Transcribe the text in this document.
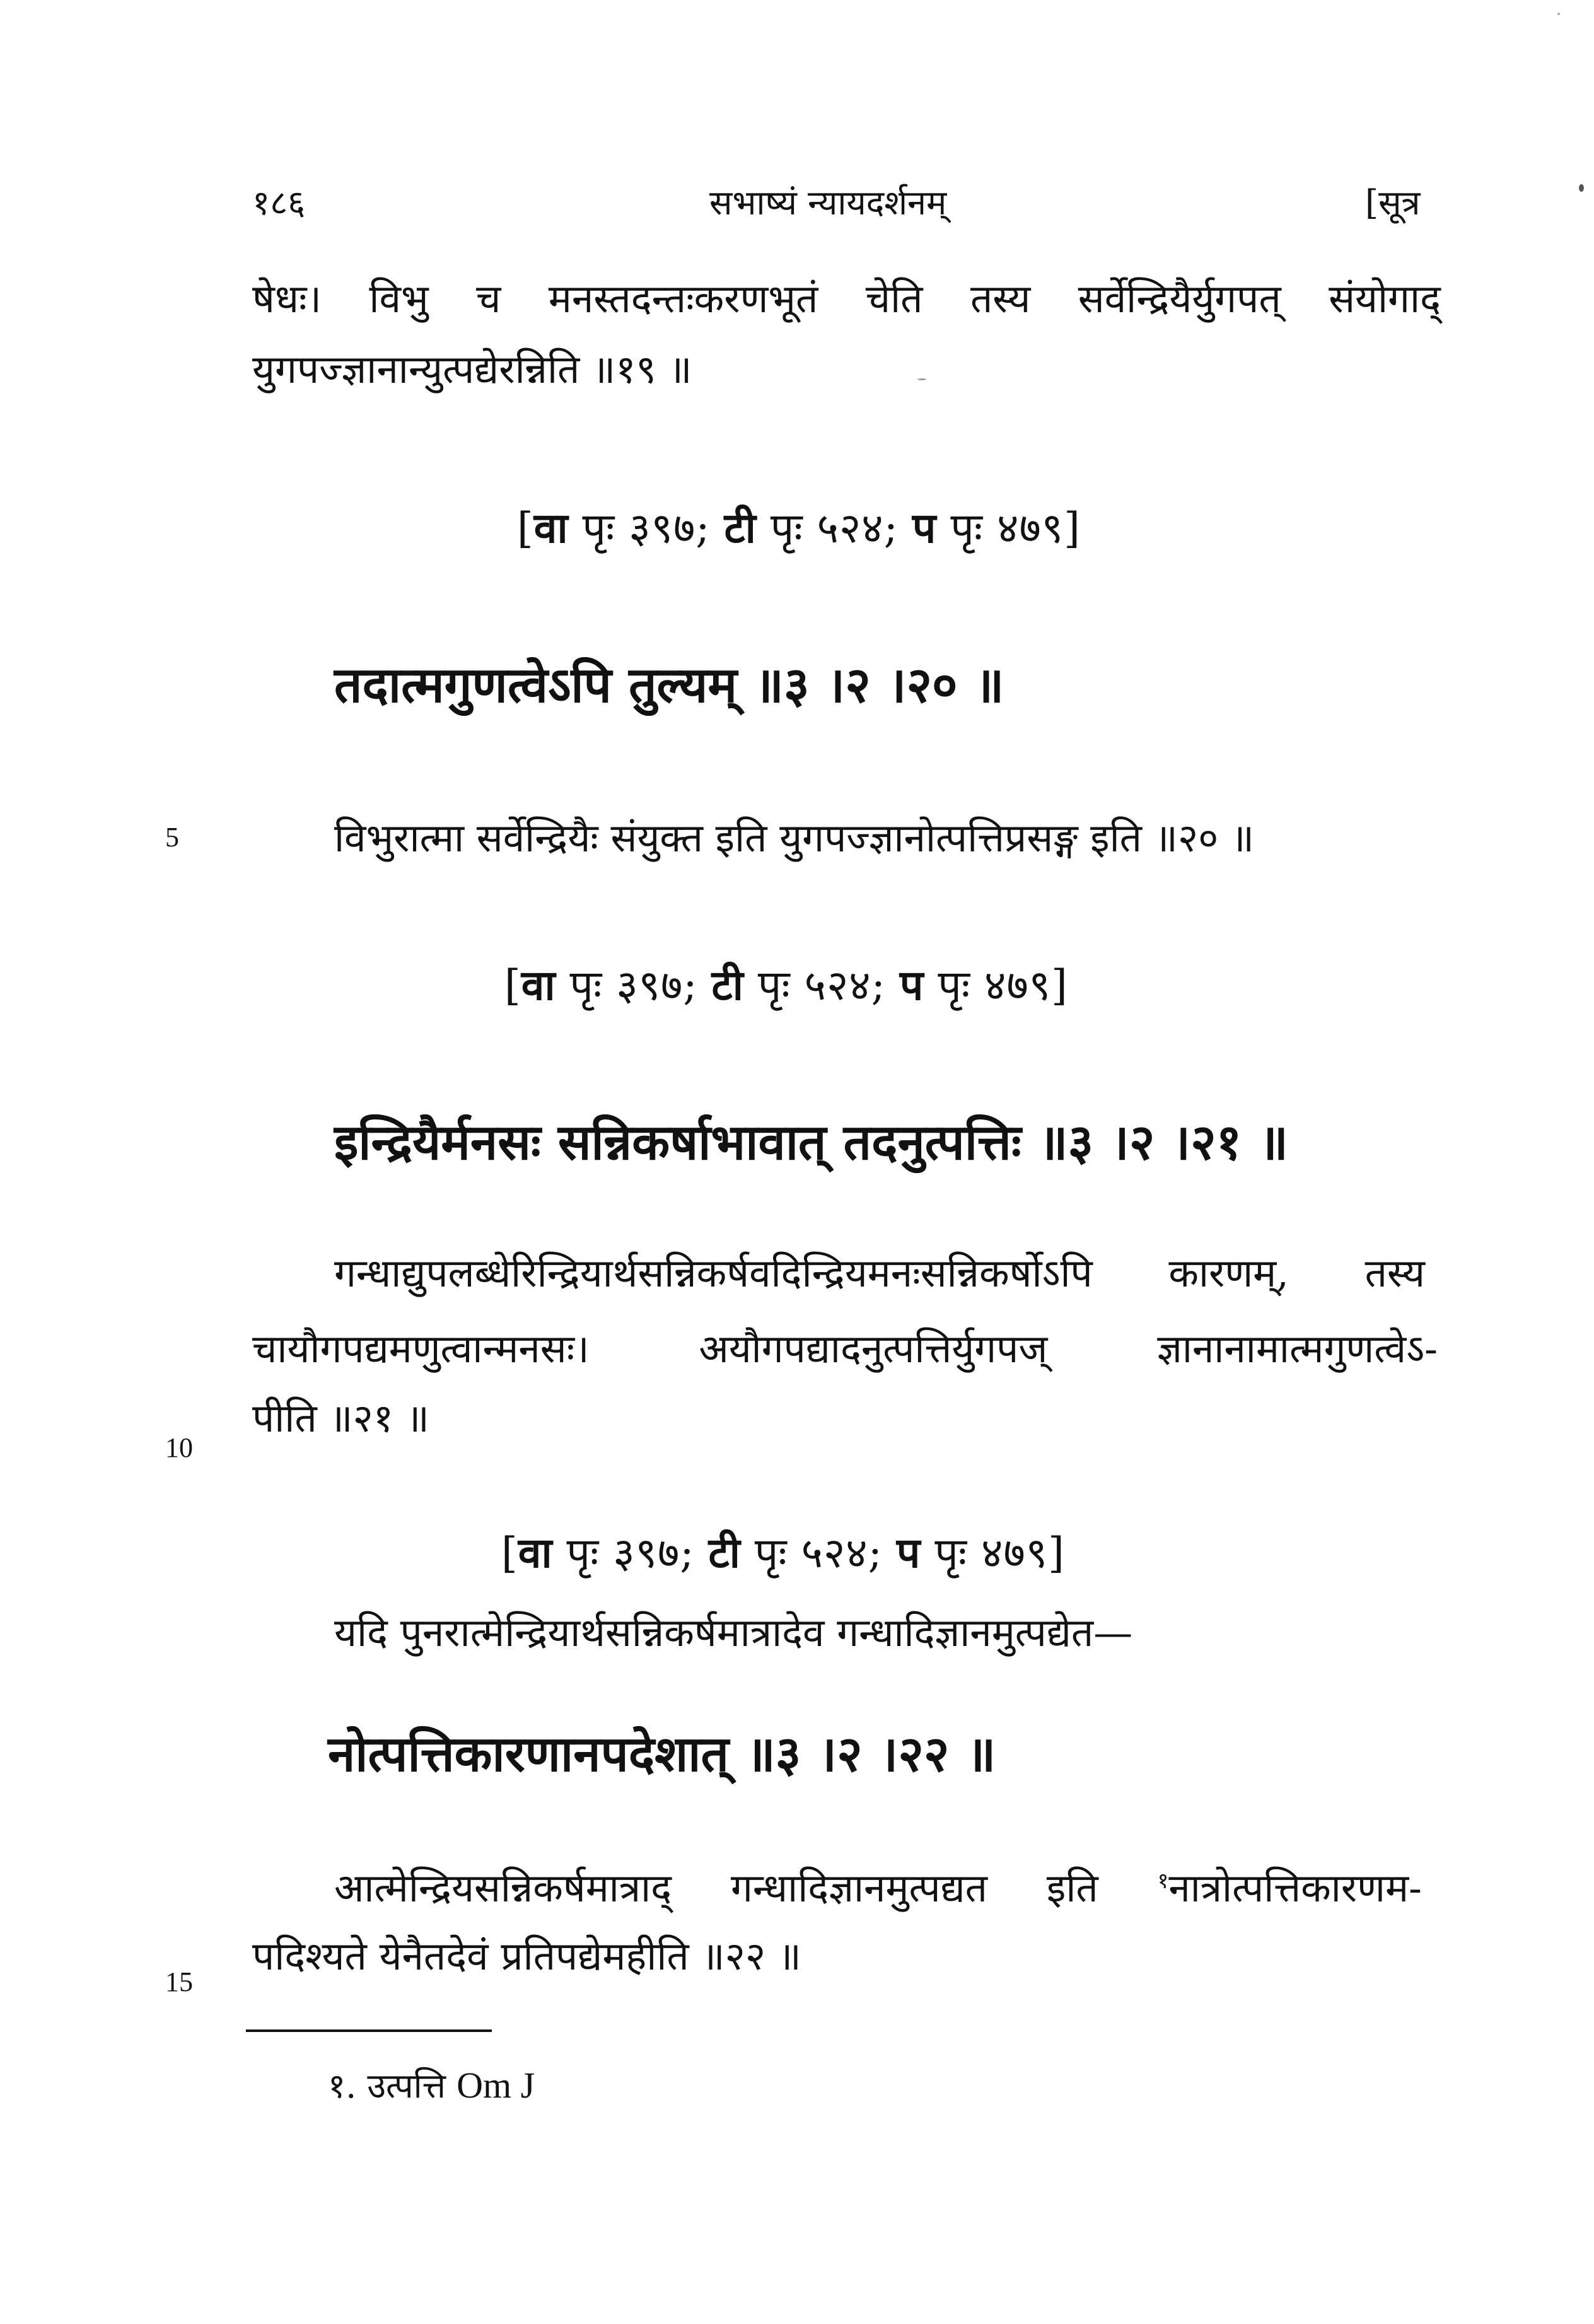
१८६	सभाष्यं न्यायदर्शनम्	[सूत्र
षेधः। विभु च मनस्तदन्तःकरणभूतं चेति तस्य सर्वेन्द्रियैर्युगपत् संयोगाद्
युगपज्ज्ञानान्युत्पद्येरन्निति ॥१९ ॥
[वा पृः ३९७; टी पृः ५२४; प पृः ४७९]
तदात्मगुणत्वेऽपि तुल्यम् ॥३ ।२ ।२० ॥
5	विभुरात्मा सर्वेन्द्रियैः संयुक्त इति युगपज्ज्ञानोत्पत्तिप्रसङ्ग इति ॥२० ॥
[वा पृः ३९७; टी पृः ५२४; प पृः ४७९]
इन्द्रियैर्मनसः सन्निकर्षाभावात् तदनुत्पत्तिः ॥३ ।२ ।२१ ॥
गन्धाद्युपलब्धेरिन्द्रियार्थसन्निकर्षवदिन्द्रियमनःसन्निकर्षोऽपि कारणम्, तस्य
चायौगपद्यमणुत्वान्मनसः।	अयौगपद्यादनुत्पत्तिर्युगपज्	ज्ञानानामात्मगुणत्वेऽ-
10
पीति ॥२१ ॥
[वा पृः ३९७; टी पृः ५२४; प पृः ४७९]
यदि पुनरात्मेन्द्रियार्थसन्निकर्षमात्रादेव गन्धादिज्ञानमुत्पद्येत—
नोत्पत्तिकारणानपदेशात् ॥३ ।२ ।२२ ॥
आत्मेन्द्रियसन्निकर्षमात्राद् गन्धादिज्ञानमुत्पद्यत इति	$^१$नात्रोत्पत्तिकारणम-
पदिश्यते येनैतदेवं प्रतिपद्येमहीति ॥२२ ॥
15
१. उत्पत्ति Om J
